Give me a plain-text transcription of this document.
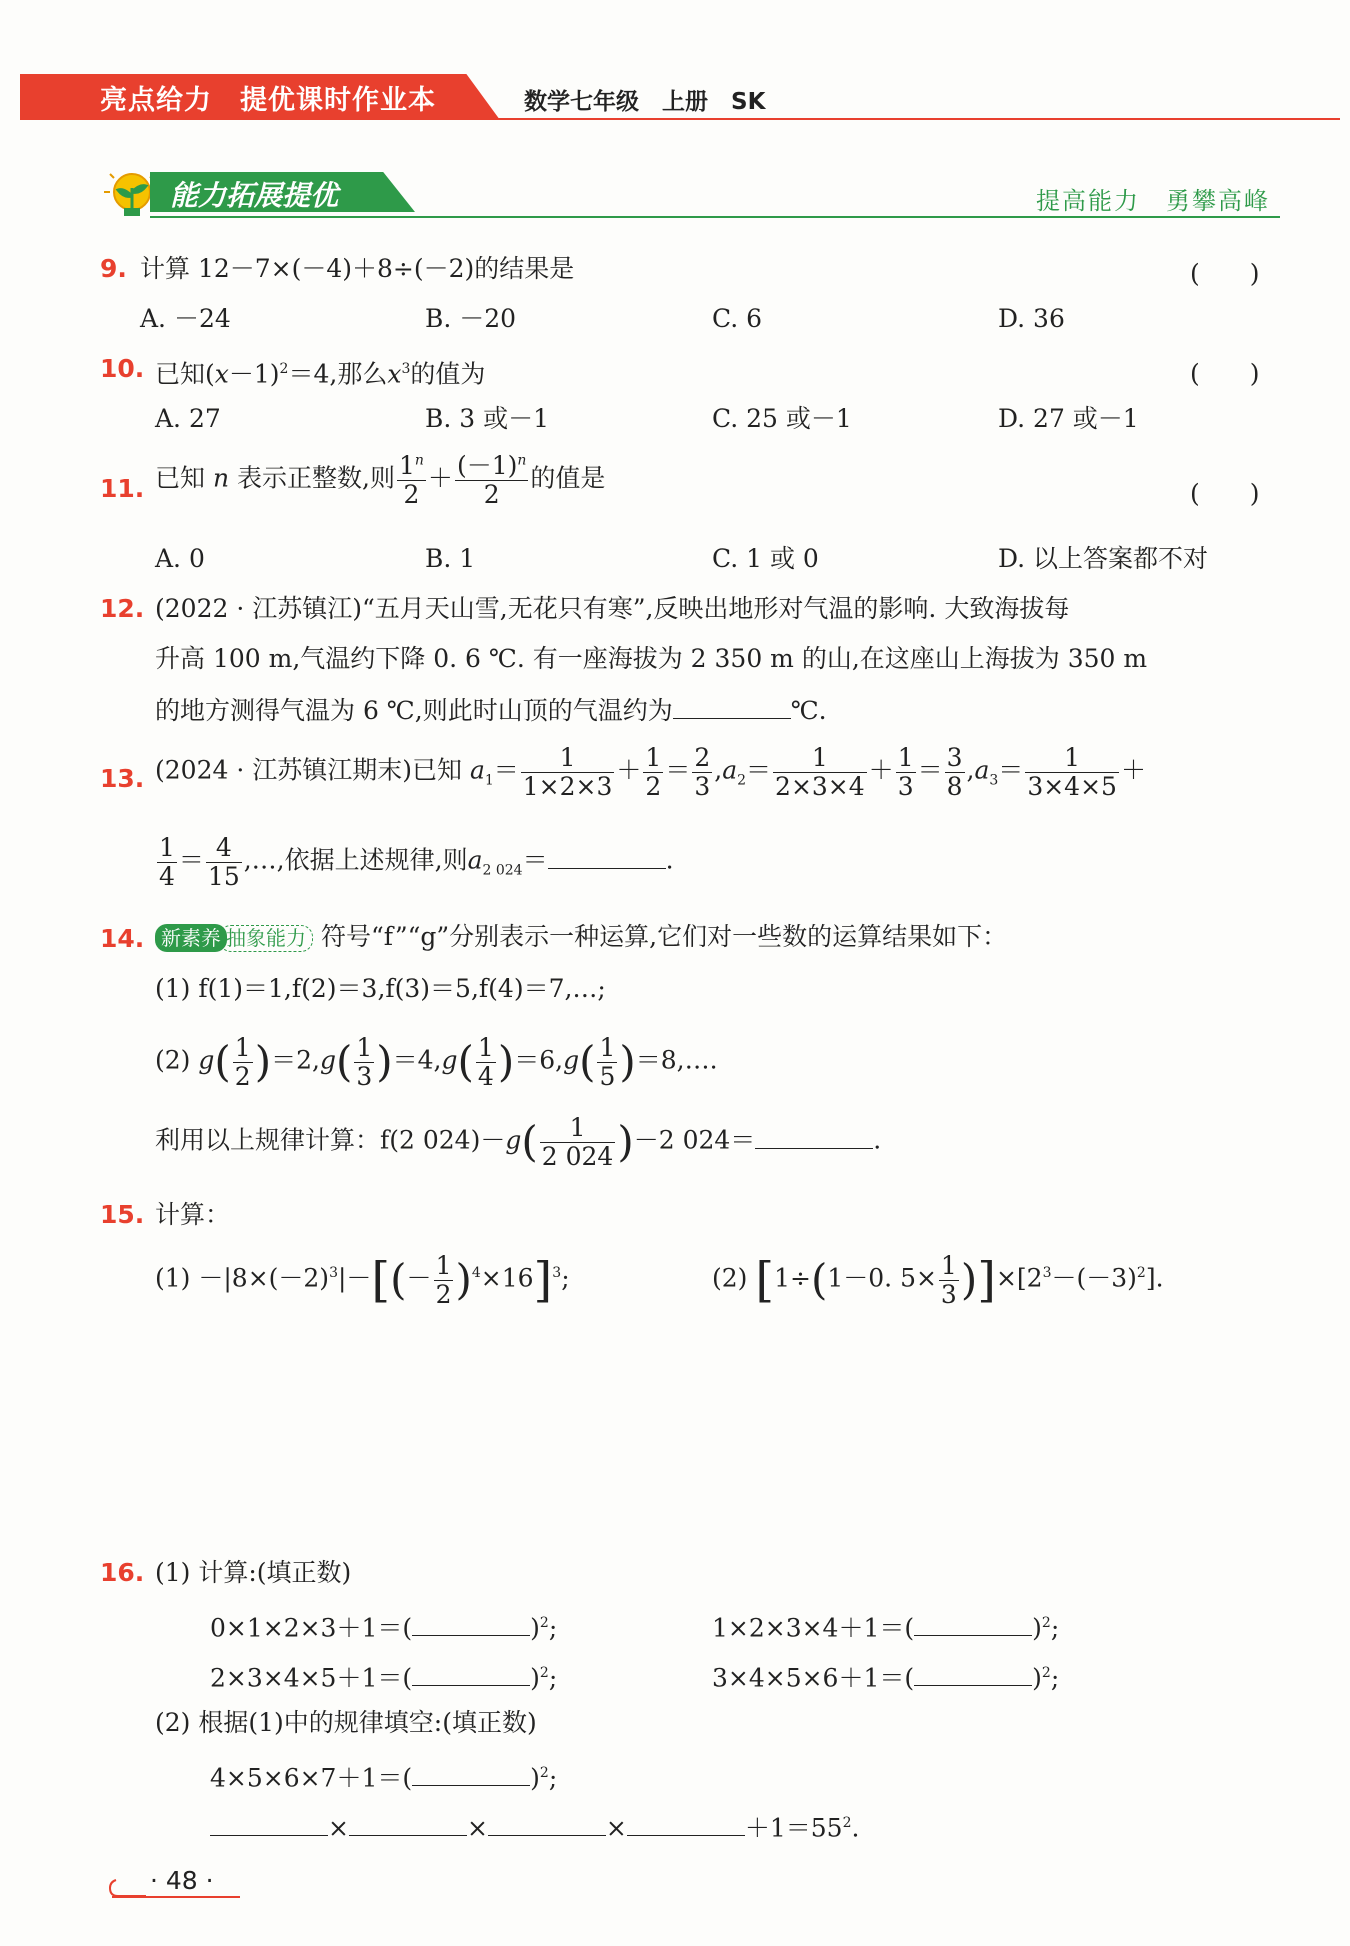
亮点给力　提优课时作业本	数学七年级　上册　SK
能力拓展提优	提高能力　勇攀高峰
9. 计算 12－7×(－4)＋8÷(－2)的结果是	(　　)
A. －24	B. －20	C. 6	D. 36
10. 已知$(x-1)^2=4$,那么$x^3$的值为	(　　)
A. 27	B. 3 或－1	C. 25 或－1	D. 27 或－1
11. 已知 n 表示正整数,则 $\frac{1^n}{2} + \frac{(-1)^n}{2}$ 的值是
(　　)
A. 0	B. 1	C. 1 或 0	D. 以上答案都不对
12. (2022 · 江苏镇江)“五月天山雪,无花只有寒”,反映出地形对气温的影响. 大致海拔每
升高 100 m,气温约下降 0. 6 ℃. 有一座海拔为 2 350 m 的山,在这座山上海拔为 350 m
的地方测得气温为 6 ℃,则此时山顶的气温约为	℃.
13. (2024 · 江苏镇江期末)已知 $a_1= \frac{1}{1\times 2\times 3} + \frac{1}{2} = \frac{2}{3} ,a_2= \frac{1}{2\times 3\times 4} + \frac{1}{3} = \frac{3}{8} ,a_3= \frac{1}{3\times 4\times 5}$ ＋
$\frac{1}{4} = \frac{4}{15}$ ,…,依据上述规律,则$a_{2 024}=$	.
14. 新素养 抽象能力 符号“f”“g”分别表示一种运算,它们对一些数的运算结果如下：
(1) f(1)＝1,f(2)＝3,f(3)＝5,f(4)＝7,…;
(2) $g( \frac{1}{2} )=2,g( \frac{1}{3} )=4,g( \frac{1}{4} )=6,g( \frac{1}{5}$ )＝8,….
利用以上规律计算：f(2 $024)-g( \frac{1}{2 024} )-2$ 024＝	.
15. 计算：
$(1) -|8\times(-2)^3|-[(- \frac{1}{2} )^4\times 16]^3$;	(2) [1÷(1－0. $5\times \frac{1}{3} )]\times[2^3-(-3)^2]$.
16. (1) 计算:(填正数)
0×1×2×3＋1＝(	)$^2$;	1×2×3×4＋1＝(	)$^2$;
2×3×4×5＋1＝(	)$^2$;	3×4×5×6＋1＝(	)$^2$;
(2) 根据(1)中的规律填空:(填正数)
4×5×6×7＋1＝(	)$^2$;
×	×	×	$+1=55^2$.
· 48 ·
